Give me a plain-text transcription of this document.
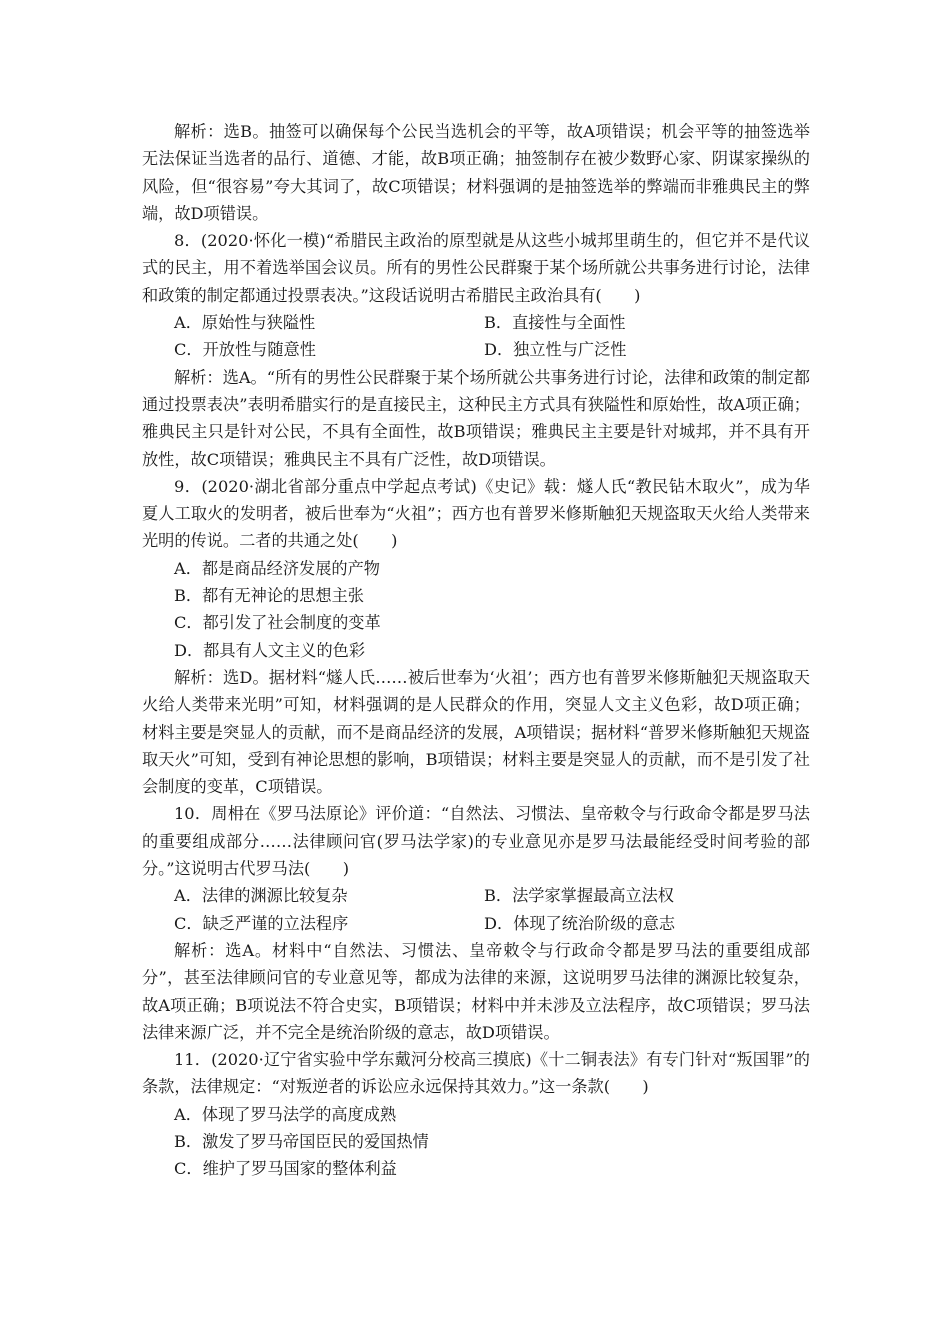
解析：选B。抽签可以确保每个公民当选机会的平等，故A项错误；机会平等的抽签选举无法保证当选者的品行、道德、才能，故B项正确；抽签制存在被少数野心家、阴谋家操纵的风险，但“很容易”夸大其词了，故C项错误；材料强调的是抽签选举的弊端而非雅典民主的弊端，故D项错误。

8．(2020·怀化一模)“希腊民主政治的原型就是从这些小城邦里萌生的，但它并不是代议式的民主，用不着选举国会议员。所有的男性公民群聚于某个场所就公共事务进行讨论，法律和政策的制定都通过投票表决。”这段话说明古希腊民主政治具有(　　)

A．原始性与狭隘性	B．直接性与全面性
C．开放性与随意性	D．独立性与广泛性

解析：选A。“所有的男性公民群聚于某个场所就公共事务进行讨论，法律和政策的制定都通过投票表决”表明希腊实行的是直接民主，这种民主方式具有狭隘性和原始性，故A项正确；雅典民主只是针对公民，不具有全面性，故B项错误；雅典民主主要是针对城邦，并不具有开放性，故C项错误；雅典民主不具有广泛性，故D项错误。

9．(2020·湖北省部分重点中学起点考试)《史记》载：燧人氏“教民钻木取火”，成为华夏人工取火的发明者，被后世奉为“火祖”；西方也有普罗米修斯触犯天规盗取天火给人类带来光明的传说。二者的共通之处(　　)

A．都是商品经济发展的产物

B．都有无神论的思想主张

C．都引发了社会制度的变革

D．都具有人文主义的色彩

解析：选D。据材料“燧人氏……被后世奉为‘火祖’；西方也有普罗米修斯触犯天规盗取天火给人类带来光明”可知，材料强调的是人民群众的作用，突显人文主义色彩，故D项正确；材料主要是突显人的贡献，而不是商品经济的发展，A项错误；据材料“普罗米修斯触犯天规盗取天火”可知，受到有神论思想的影响，B项错误；材料主要是突显人的贡献，而不是引发了社会制度的变革，C项错误。

10．周枏在《罗马法原论》评价道：“自然法、习惯法、皇帝敕令与行政命令都是罗马法的重要组成部分……法律顾问官(罗马法学家)的专业意见亦是罗马法最能经受时间考验的部分。”这说明古代罗马法(　　)

A．法律的渊源比较复杂	B．法学家掌握最高立法权
C．缺乏严谨的立法程序	D．体现了统治阶级的意志

解析：选A。材料中“自然法、习惯法、皇帝敕令与行政命令都是罗马法的重要组成部分”，甚至法律顾问官的专业意见等，都成为法律的来源，这说明罗马法律的渊源比较复杂，故A项正确；B项说法不符合史实，B项错误；材料中并未涉及立法程序，故C项错误；罗马法法律来源广泛，并不完全是统治阶级的意志，故D项错误。

11．(2020·辽宁省实验中学东戴河分校高三摸底)《十二铜表法》有专门针对“叛国罪”的条款，法律规定：“对叛逆者的诉讼应永远保持其效力。”这一条款(　　)

A．体现了罗马法学的高度成熟

B．激发了罗马帝国臣民的爱国热情

C．维护了罗马国家的整体利益
